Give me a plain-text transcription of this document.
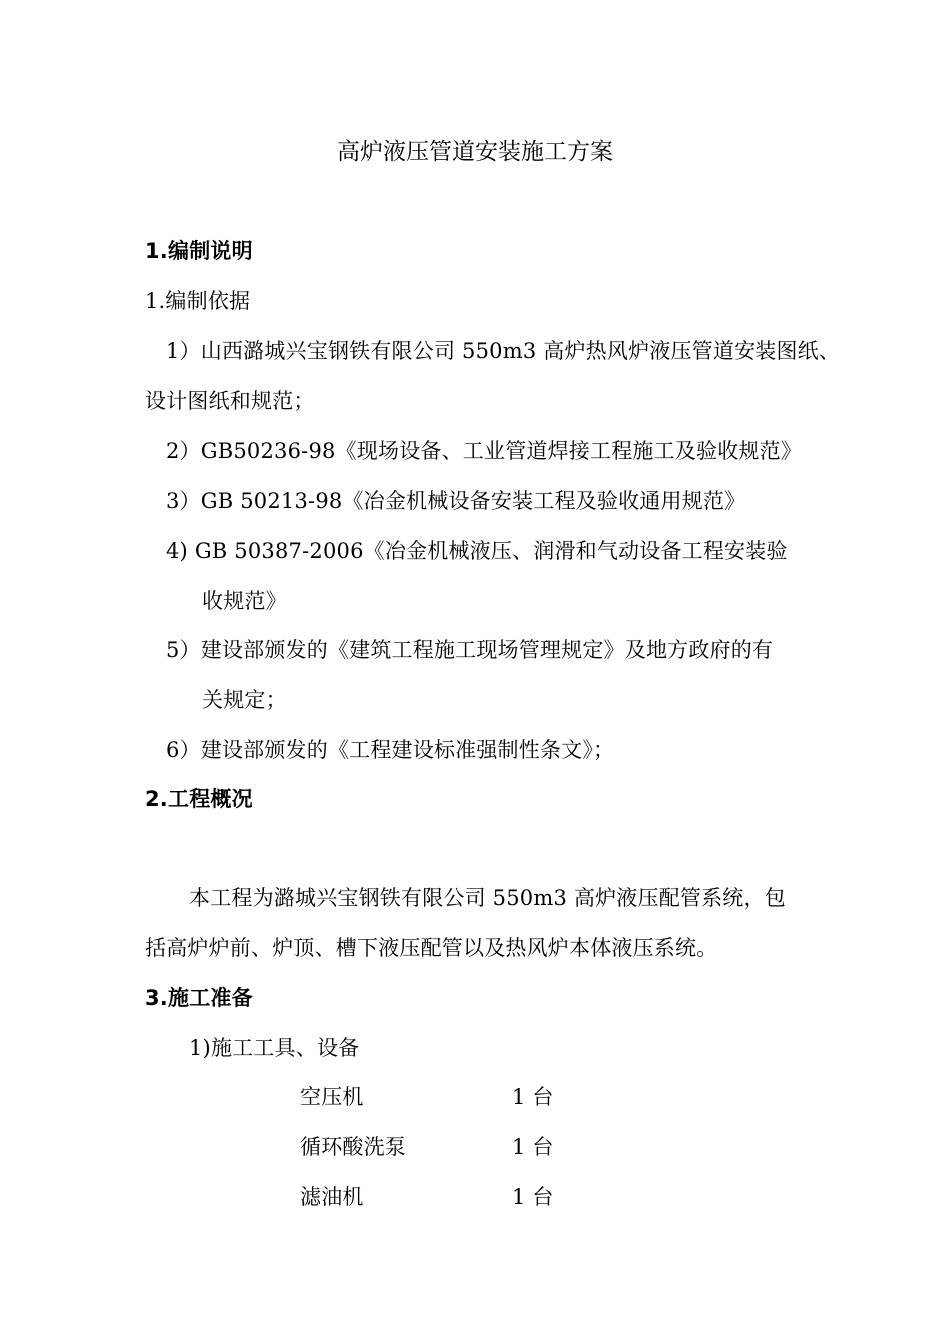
高炉液压管道安装施工方案
1.编制说明
1.编制依据
1）山西潞城兴宝钢铁有限公司 550m3 高炉热风炉液压管道安装图纸、
设计图纸和规范；
2）GB50236-98《现场设备、工业管道焊接工程施工及验收规范》
3）GB 50213-98《冶金机械设备安装工程及验收通用规范》
4) GB 50387-2006《冶金机械液压、润滑和气动设备工程安装验
收规范》
5）建设部颁发的《建筑工程施工现场管理规定》及地方政府的有
关规定；
6）建设部颁发的《工程建设标准强制性条文》；
2.工程概况
本工程为潞城兴宝钢铁有限公司 550m3 高炉液压配管系统，包
括高炉炉前、炉顶、槽下液压配管以及热风炉本体液压系统。
3.施工准备
1)施工工具、设备
空压机	1 台
循环酸洗泵	1 台
滤油机	1 台
